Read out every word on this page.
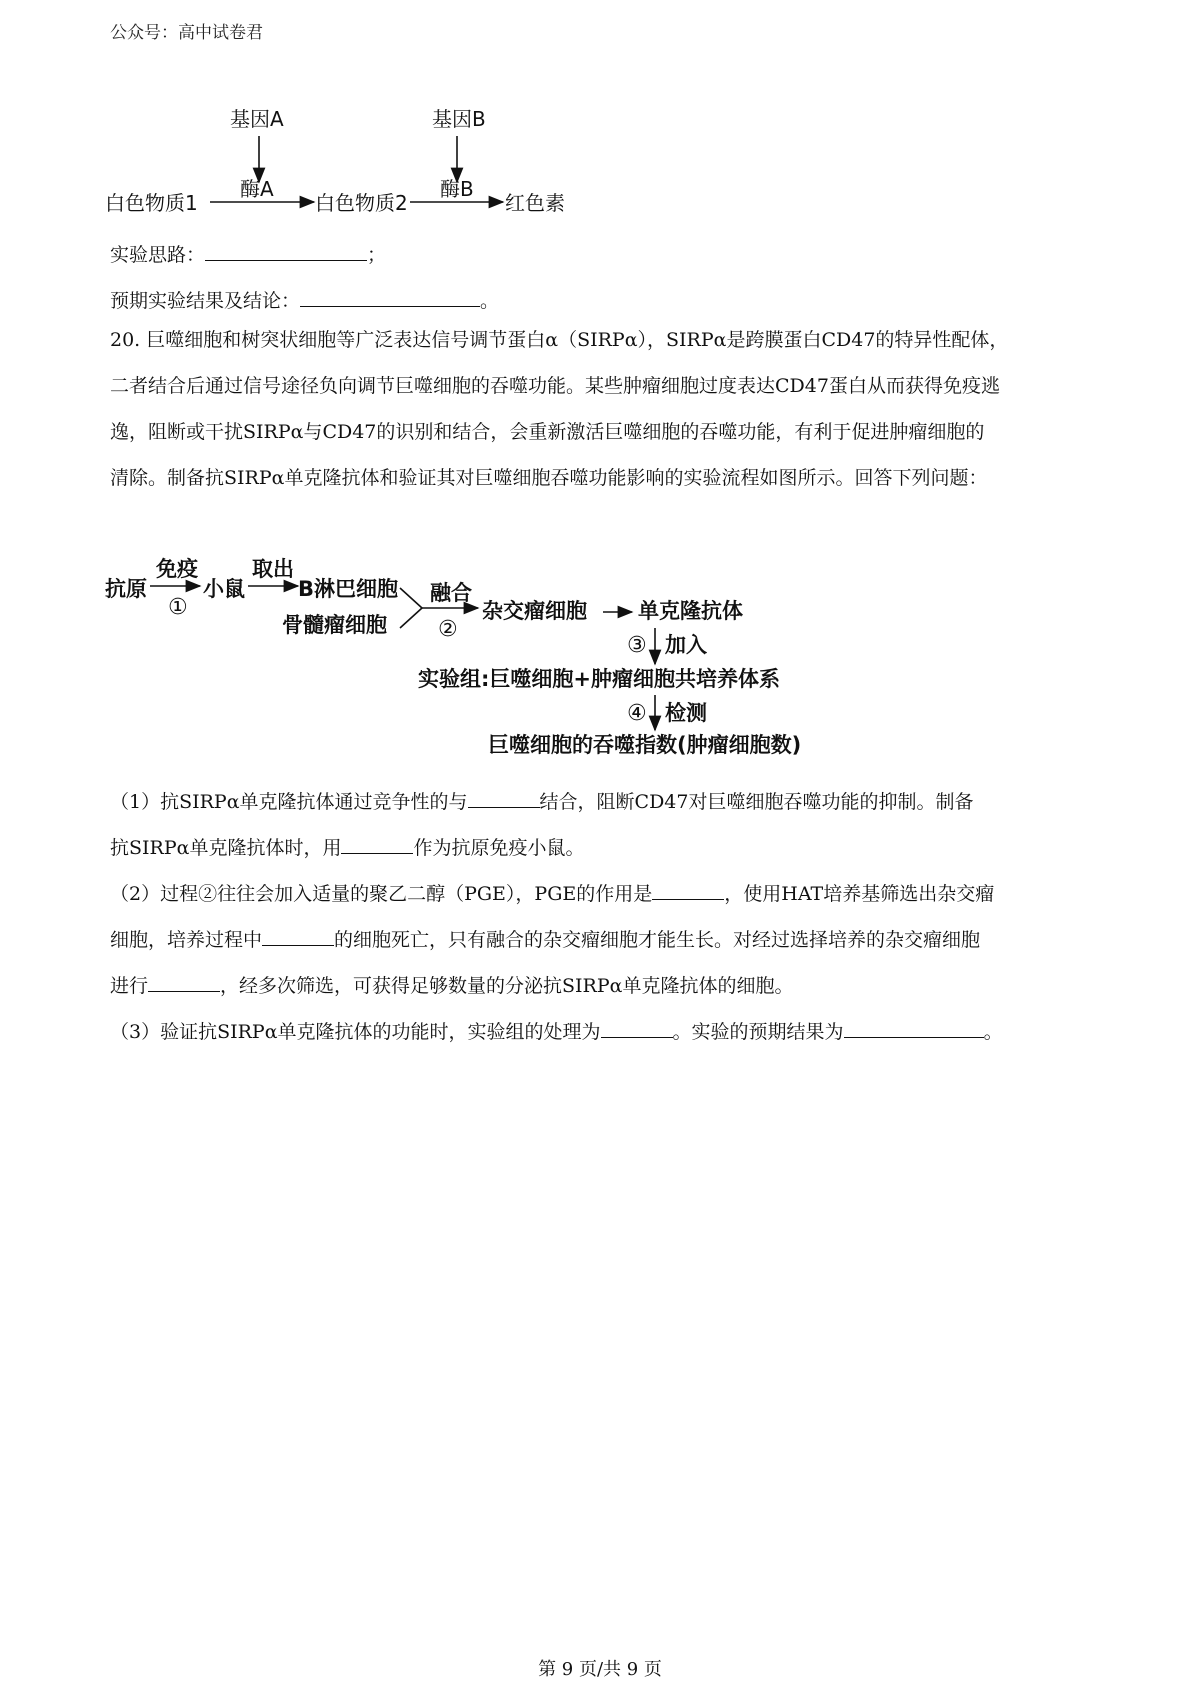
公众号：高中试卷君
基因A	基因B
酶A	酶B
白色物质1	白色物质2	红色素
实验思路：	；
预期实验结果及结论：	。
20. 巨噬细胞和树突状细胞等广泛表达信号调节蛋白α（SIRPα），SIRPα是跨膜蛋白CD47的特异性配体，
二者结合后通过信号途径负向调节巨噬细胞的吞噬功能。某些肿瘤细胞过度表达CD47蛋白从而获得免疫逃
逸，阻断或干扰SIRPα与CD47的识别和结合，会重新激活巨噬细胞的吞噬功能，有利于促进肿瘤细胞的
清除。制备抗SIRPα单克隆抗体和验证其对巨噬细胞吞噬功能影响的实验流程如图所示。回答下列问题：
抗原
免疫
①
小鼠
取出
B淋巴细胞
骨髓瘤细胞
融合
②
杂交瘤细胞 单克隆抗体
③ 加入
实验组:巨噬细胞+肿瘤细胞共培养体系
④ 检测
巨噬细胞的吞噬指数(肿瘤细胞数)
（1）抗SIRPα单克隆抗体通过竞争性的与	结合，阻断CD47对巨噬细胞吞噬功能的抑制。制备
抗SIRPα单克隆抗体时，用	作为抗原免疫小鼠。
（2）过程②往往会加入适量的聚乙二醇（PGE），PGE的作用是	，使用HAT培养基筛选出杂交瘤
细胞，培养过程中	的细胞死亡，只有融合的杂交瘤细胞才能生长。对经过选择培养的杂交瘤细胞
进行	，经多次筛选，可获得足够数量的分泌抗SIRPα单克隆抗体的细胞。
（3）验证抗SIRPα单克隆抗体的功能时，实验组的处理为	。实验的预期结果为	。
第 9 页/共 9 页
